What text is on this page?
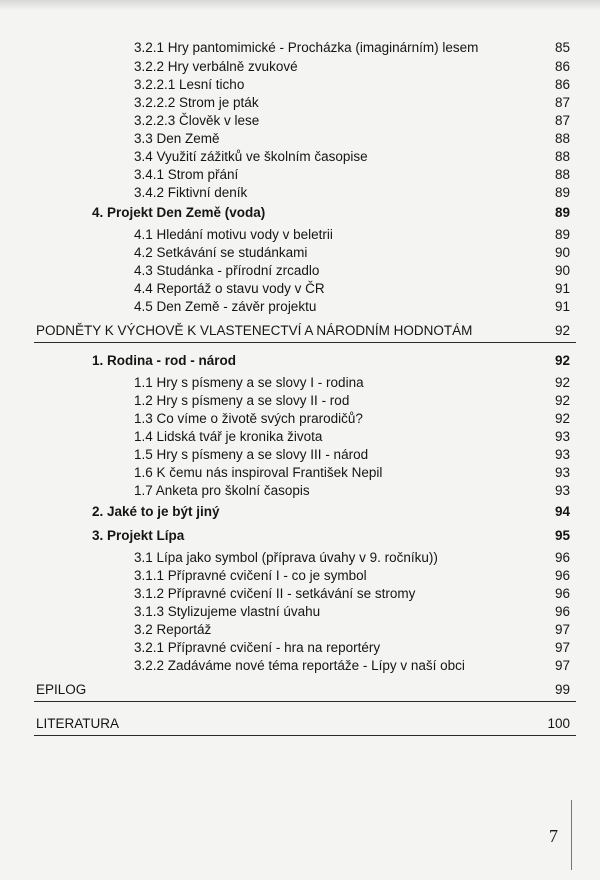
3.2.1 Hry pantomimické - Procházka (imaginárním) lesem	85
3.2.2 Hry verbálně zvukové	86
3.2.2.1 Lesní ticho	86
3.2.2.2 Strom je pták	87
3.2.2.3 Člověk v lese	87
3.3 Den Země	88
3.4 Využití zážitků ve školním časopise	88
3.4.1 Strom přání	88
3.4.2 Fiktivní deník	89
4. Projekt Den Země (voda)	89
4.1 Hledání motivu vody v beletrii	89
4.2 Setkávání se studánkami	90
4.3 Studánka - přírodní zrcadlo	90
4.4 Reportáž o stavu vody v ČR	91
4.5 Den Země - závěr projektu	91
PODNĚTY K VÝCHOVĚ K VLASTENECTVÍ A NÁRODNÍM HODNOTÁM	92
1. Rodina - rod - národ	92
1.1 Hry s písmeny a se slovy I - rodina	92
1.2 Hry s písmeny a se slovy II - rod	92
1.3 Co víme o životě svých prarodičů?	92
1.4 Lidská tvář je kronika života	93
1.5 Hry s písmeny a se slovy III - národ	93
1.6 K čemu nás inspiroval František Nepil	93
1.7 Anketa pro školní časopis	93
2. Jaké to je být jiný	94
3. Projekt Lípa	95
3.1 Lípa jako symbol (příprava úvahy v 9. ročníku))	96
3.1.1 Přípravné cvičení I - co je symbol	96
3.1.2 Přípravné cvičení II - setkávání se stromy	96
3.1.3 Stylizujeme vlastní úvahu	96
3.2 Reportáž	97
3.2.1 Přípravné cvičení - hra na reportéry	97
3.2.2 Zadáváme nové téma reportáže - Lípy v naší obci	97
EPILOG	99
LITERATURA	100
7
